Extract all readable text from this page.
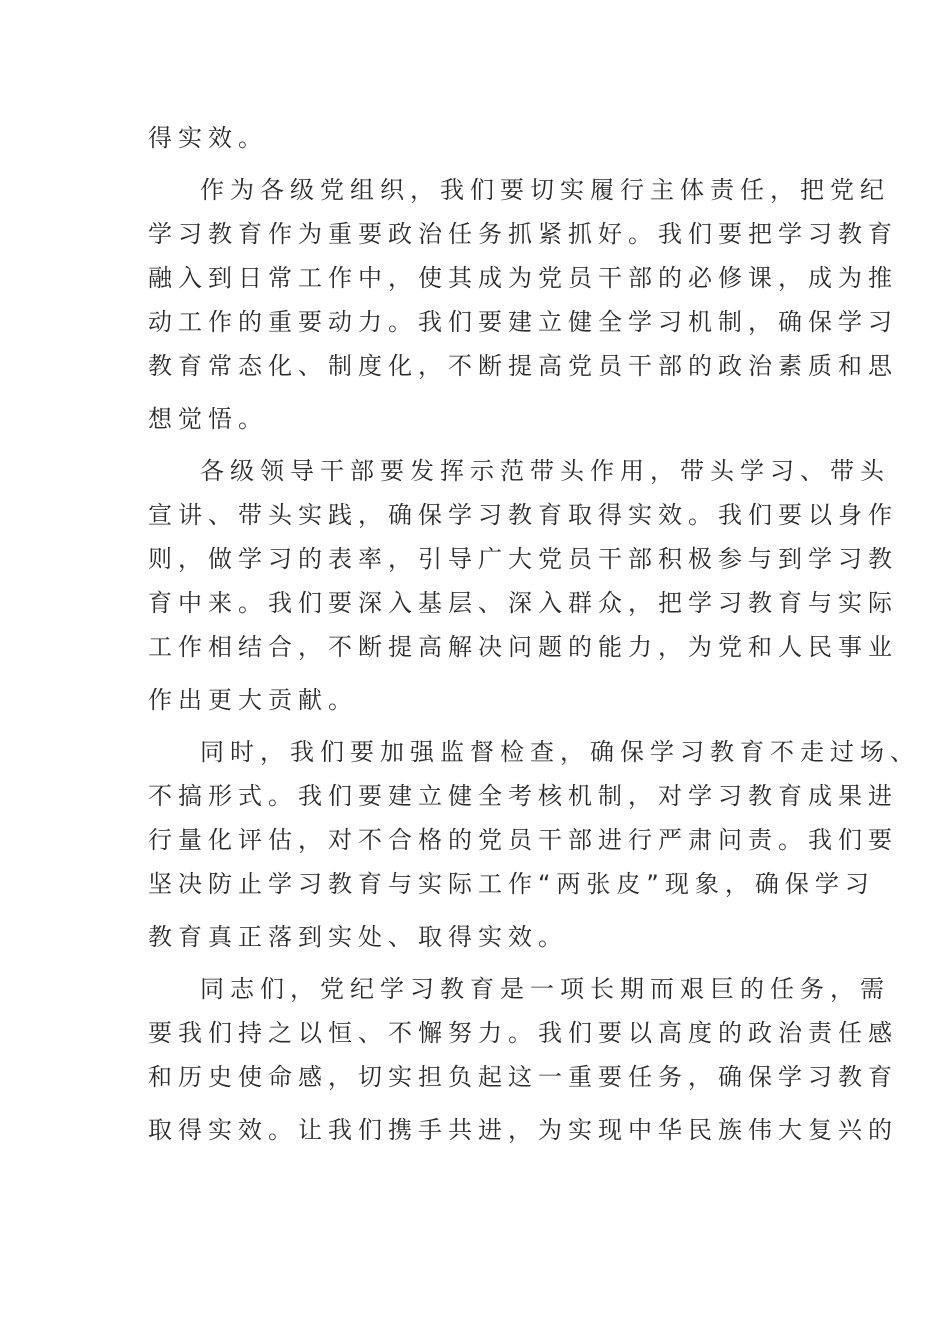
得实效。
作为各级党组织，我们要切实履行主体责任，把党纪
学习教育作为重要政治任务抓紧抓好。我们要把学习教育
融入到日常工作中，使其成为党员干部的必修课，成为推
动工作的重要动力。我们要建立健全学习机制，确保学习
教育常态化、制度化，不断提高党员干部的政治素质和思
想觉悟。
各级领导干部要发挥示范带头作用，带头学习、带头
宣讲、带头实践，确保学习教育取得实效。我们要以身作
则，做学习的表率，引导广大党员干部积极参与到学习教
育中来。我们要深入基层、深入群众，把学习教育与实际
工作相结合，不断提高解决问题的能力，为党和人民事业
作出更大贡献。
同时，我们要加强监督检查，确保学习教育不走过场、
不搞形式。我们要建立健全考核机制，对学习教育成果进
行量化评估，对不合格的党员干部进行严肃问责。我们要
坚决防止学习教育与实际工作“两张皮”现象，确保学习
教育真正落到实处、取得实效。
同志们，党纪学习教育是一项长期而艰巨的任务，需
要我们持之以恒、不懈努力。我们要以高度的政治责任感
和历史使命感，切实担负起这一重要任务，确保学习教育
取得实效。让我们携手共进，为实现中华民族伟大复兴的
